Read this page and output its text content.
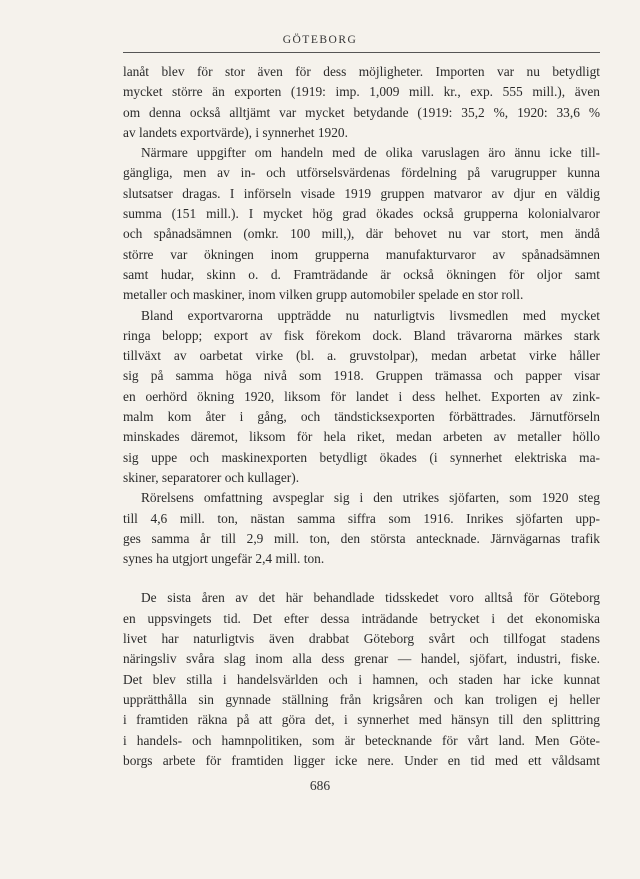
GÖTEBORG

lanåt blev för stor även för dess möjligheter. Importen var nu betydligt
mycket större än exporten (1919: imp. 1,009 mill. kr., exp. 555 mill.), även
om denna också alltjämt var mycket betydande (1919: 35,2 %, 1920: 33,6 %
av landets exportvärde), i synnerhet 1920.

Närmare uppgifter om handeln med de olika varuslagen äro ännu icke till-
gängliga, men av in- och utförselsvärdenas fördelning på varugrupper kunna
slutsatser dragas. I införseln visade 1919 gruppen matvaror av djur en väldig
summa (151 mill.). I mycket hög grad ökades också grupperna kolonialvaror
och spånadsämnen (omkr. 100 mill,), där behovet nu var stort, men ändå
större var ökningen inom grupperna manufakturvaror av spånadsämnen
samt hudar, skinn o. d. Framträdande är också ökningen för oljor samt
metaller och maskiner, inom vilken grupp automobiler spelade en stor roll.

Bland exportvarorna uppträdde nu naturligtvis livsmedlen med mycket
ringa belopp; export av fisk förekom dock. Bland trävarorna märkes stark
tillväxt av oarbetat virke (bl. a. gruvstolpar), medan arbetat virke håller
sig på samma höga nivå som 1918. Gruppen trämassa och papper visar
en oerhörd ökning 1920, liksom för landet i dess helhet. Exporten av zink-
malm kom åter i gång, och tändsticksexporten förbättrades. Järnutförseln
minskades däremot, liksom för hela riket, medan arbeten av metaller höllo
sig uppe och maskinexporten betydligt ökades (i synnerhet elektriska ma-
skiner, separatorer och kullager).

Rörelsens omfattning avspeglar sig i den utrikes sjöfarten, som 1920 steg
till 4,6 mill. ton, nästan samma siffra som 1916. Inrikes sjöfarten upp-
ges samma år till 2,9 mill. ton, den största antecknade. Järnvägarnas trafik
synes ha utgjort ungefär 2,4 mill. ton.

De sista åren av det här behandlade tidsskedet voro alltså för Göteborg
en uppsvingets tid. Det efter dessa inträdande betrycket i det ekonomiska
livet har naturligtvis även drabbat Göteborg svårt och tillfogat stadens
näringsliv svåra slag inom alla dess grenar — handel, sjöfart, industri, fiske.
Det blev stilla i handelsvärlden och i hamnen, och staden har icke kunnat
upprätthålla sin gynnade ställning från krigsåren och kan troligen ej heller
i framtiden räkna på att göra det, i synnerhet med hänsyn till den splittring
i handels- och hamnpolitiken, som är betecknande för vårt land. Men Göte-
borgs arbete för framtiden ligger icke nere. Under en tid med ett våldsamt

686
